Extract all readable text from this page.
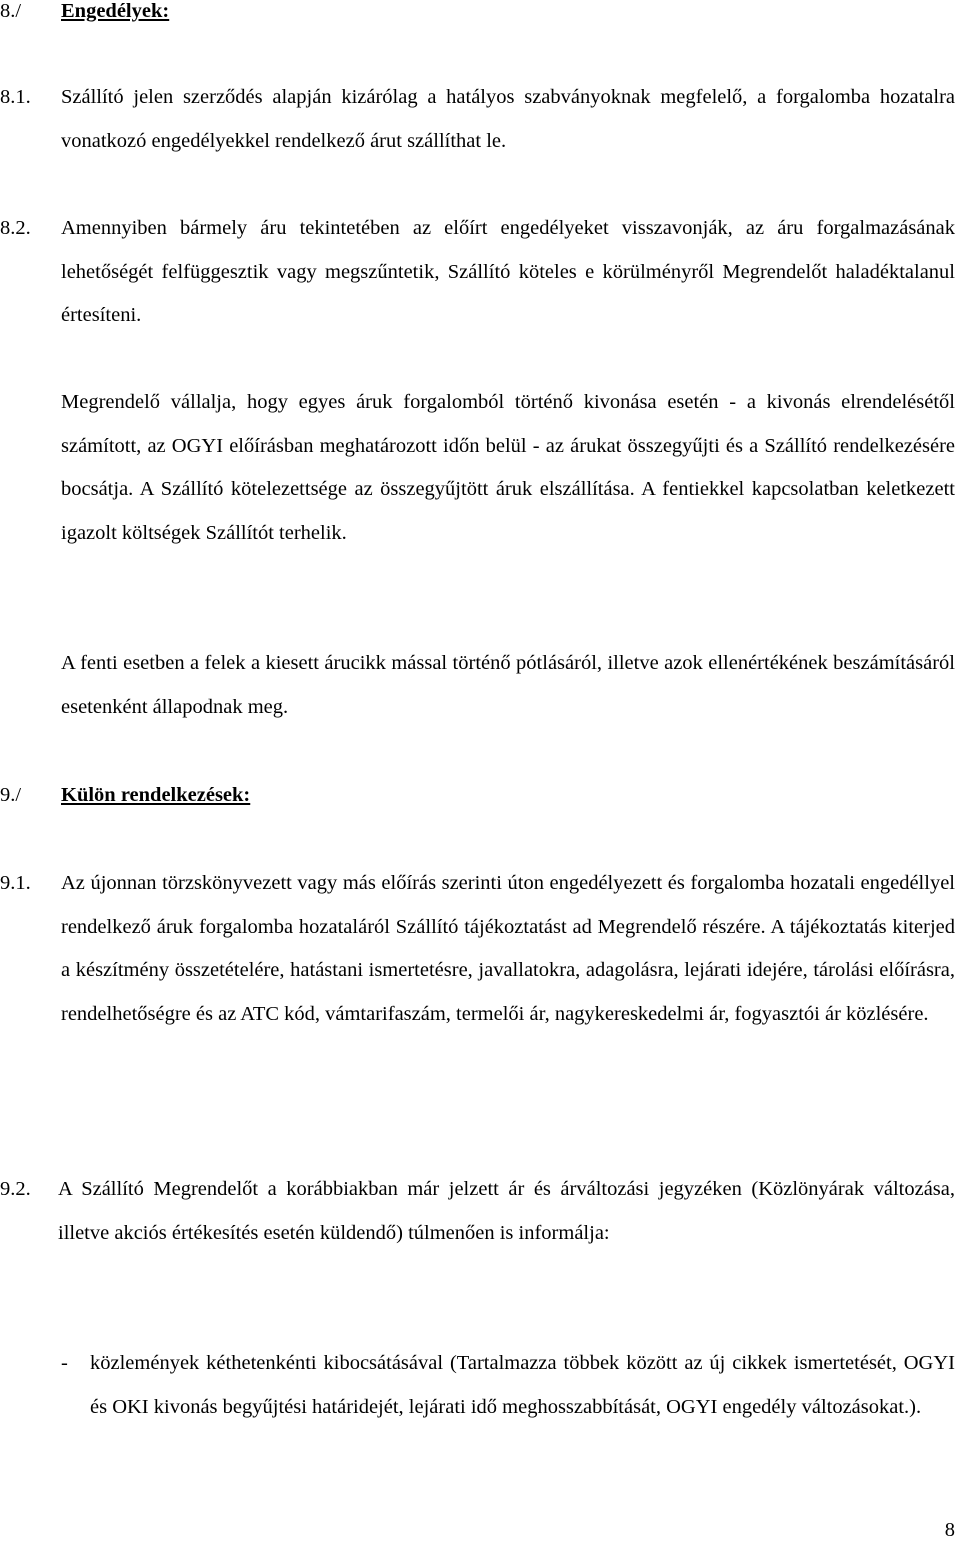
8./ Engedélyek:
8.1. Szállító jelen szerződés alapján kizárólag a hatályos szabványoknak megfelelő, a forgalomba hozatalra vonatkozó engedélyekkel rendelkező árut szállíthat le.
8.2. Amennyiben bármely áru tekintetében az előírt engedélyeket visszavonják, az áru forgalmazásának lehetőségét felfüggesztik vagy megszűntetik, Szállító köteles e körülményről Megrendelőt haladéktalanul értesíteni.
Megrendelő vállalja, hogy egyes áruk forgalomból történő kivonása esetén - a kivonás elrendelésétől számított, az OGYI előírásban meghatározott időn belül - az árukat összegyűjti és a Szállító rendelkezésére bocsátja. A Szállító kötelezettsége az összegyűjtött áruk elszállítása. A fentiekkel kapcsolatban keletkezett igazolt költségek Szállítót terhelik.
A fenti esetben a felek a kiesett árucikk mással történő pótlásáról, illetve azok ellenértékének beszámításáról esetenként állapodnak meg.
9./ Külön rendelkezések:
9.1. Az újonnan törzskönyvezett vagy más előírás szerinti úton engedélyezett és forgalomba hozatali engedéllyel rendelkező áruk forgalomba hozataláról Szállító tájékoztatást ad Megrendelő részére. A tájékoztatás kiterjed a készítmény összetételére, hatástani ismertetésre, javallatokra, adagolásra, lejárati idejére, tárolási előírásra, rendelhetőségre és az ATC kód, vámtarifaszám, termelői ár, nagykereskedelmi ár, fogyasztói ár közlésére.
9.2. A Szállító Megrendelőt a korábbiakban már jelzett ár és árváltozási jegyzéken (Közlönyárak változása, illetve akciós értékesítés esetén küldendő) túlmenően is informálja:
- közlemények kéthetenkénti kibocsátásával (Tartalmazza többek között az új cikkek ismertetését, OGYI és OKI kivonás begyűjtési határidejét, lejárati idő meghosszabbítását, OGYI engedély változásokat.).
8
